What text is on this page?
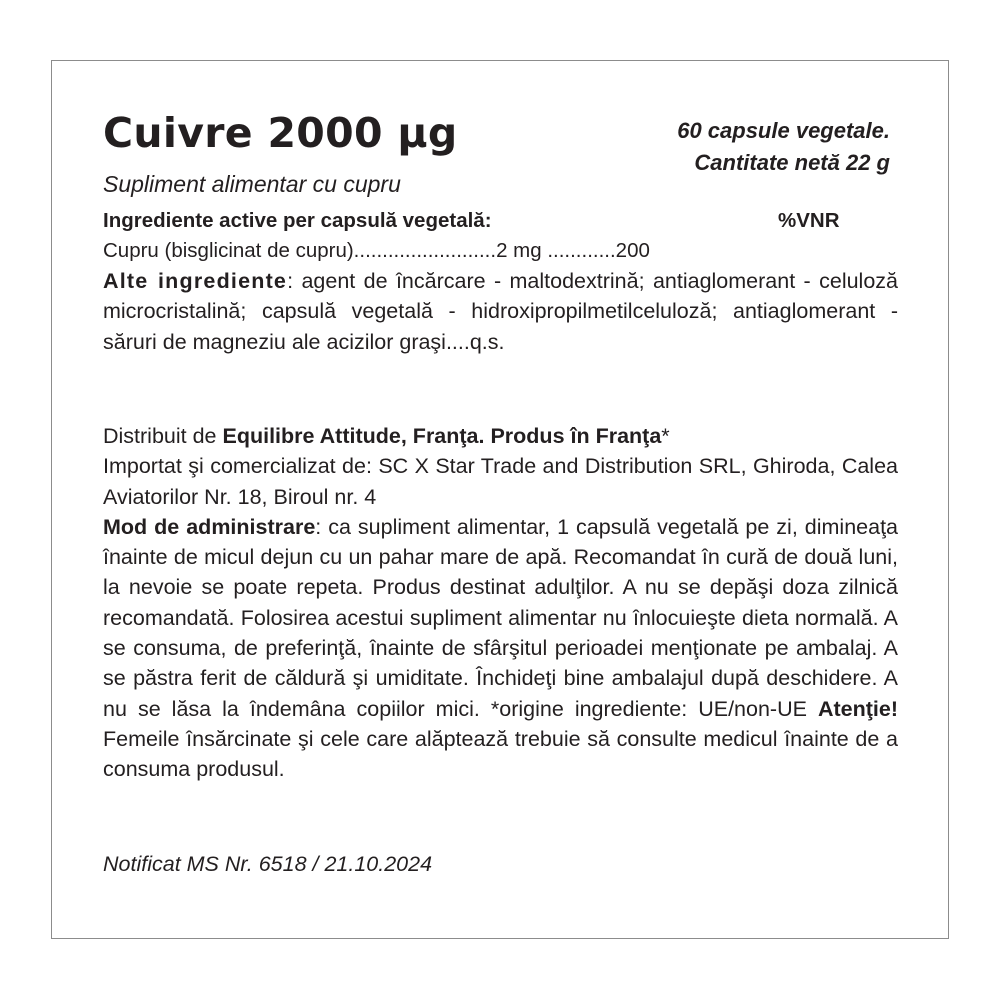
Cuivre 2000 µg	60 capsule vegetale.
Cantitate netă 22 g
Supliment alimentar cu cupru
Ingrediente active per capsulă vegetală:	%VNR
Cupru (bisglicinat de cupru).........................2 mg ............200
Alte ingrediente: agent de încărcare - maltodextrină; antiaglomerant - celuloză microcristalină; capsulă vegetală - hidroxipropilmetilceluloză; antiaglomerant - săruri de magneziu ale acizilor graşi....q.s.
Distribuit de Equilibre Attitude, Franţa. Produs în Franţa*
Importat şi comercializat de: SC X Star Trade and Distribution SRL, Ghiroda, Calea Aviatorilor Nr. 18, Biroul nr. 4
Mod de administrare: ca supliment alimentar, 1 capsulă vegetală pe zi, dimineaţa înainte de micul dejun cu un pahar mare de apă. Recomandat în cură de două luni, la nevoie se poate repeta. Produs destinat adulţilor. A nu se depăşi doza zilnică recomandată. Folosirea acestui supliment alimentar nu înlocuieşte dieta normală. A se consuma, de preferinţă, înainte de sfârşitul perioadei menţionate pe ambalaj. A se păstra ferit de căldură şi umiditate. Închideţi bine ambalajul după deschidere. A nu se lăsa la îndemâna copiilor mici. *origine ingrediente: UE/non-UE Atenţie! Femeile însărcinate şi cele care alăptează trebuie să consulte medicul înainte de a consuma produsul.
Notificat MS Nr. 6518 / 21.10.2024
